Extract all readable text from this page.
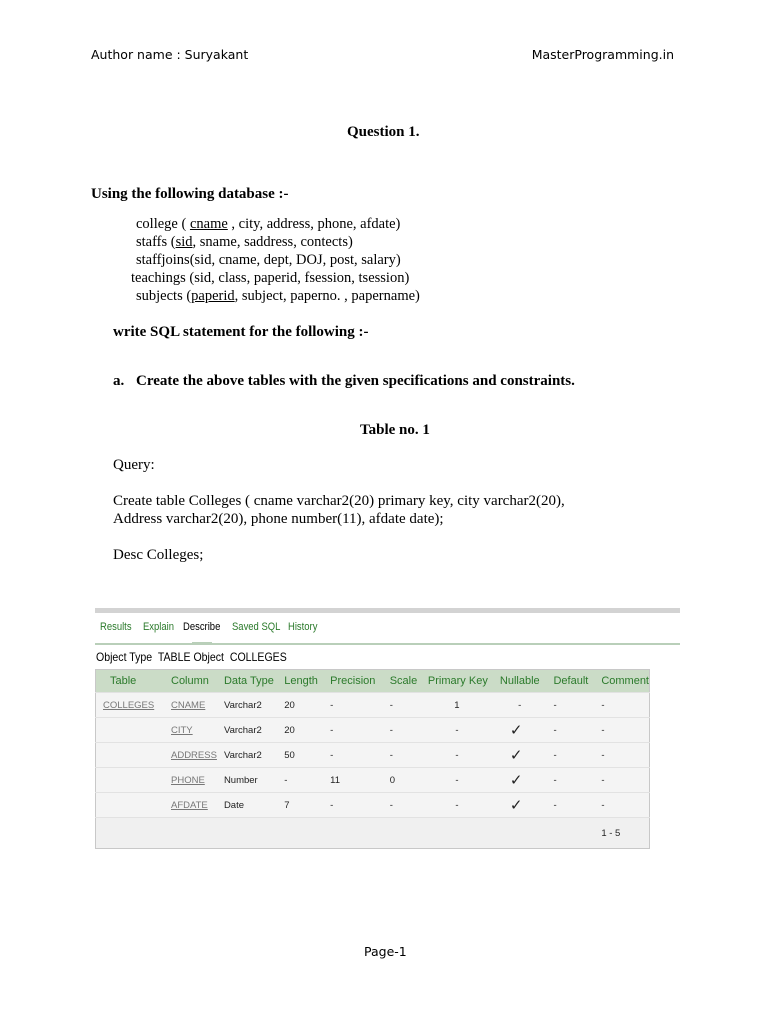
Author name : Suryakant	MasterProgramming.in
Question 1.
Using the following database :-
college ( cname , city, address, phone, afdate)
staffs (sid, sname, saddress, contects)
staffjoins(sid, cname, dept, DOJ, post, salary)
teachings (sid, class, paperid, fsession, tsession)
subjects (paperid, subject, paperno. , papername)
write SQL statement for the following :-
a. Create the above tables with the given specifications and constraints.
Table no. 1
Query:
Create table Colleges ( cname varchar2(20) primary key, city varchar2(20),
Address varchar2(20), phone number(11), afdate date);
Desc Colleges;
Results Explain Describe Saved SQL History
Object Type  TABLE Object  COLLEGES
Table	Column	Data Type	Length	Precision	Scale	Primary Key	Nullable	Default	Comment
COLLEGES	CNAME	Varchar2	20	-	-	1	-	-	-
	CITY	Varchar2	20	-	-	-	✓	-	-
	ADDRESS	Varchar2	50	-	-	-	✓	-	-
	PHONE	Number	-	11	0	-	✓	-	-
	AFDATE	Date	7	-	-	-	✓	-	-
									1 - 5
Page-1
